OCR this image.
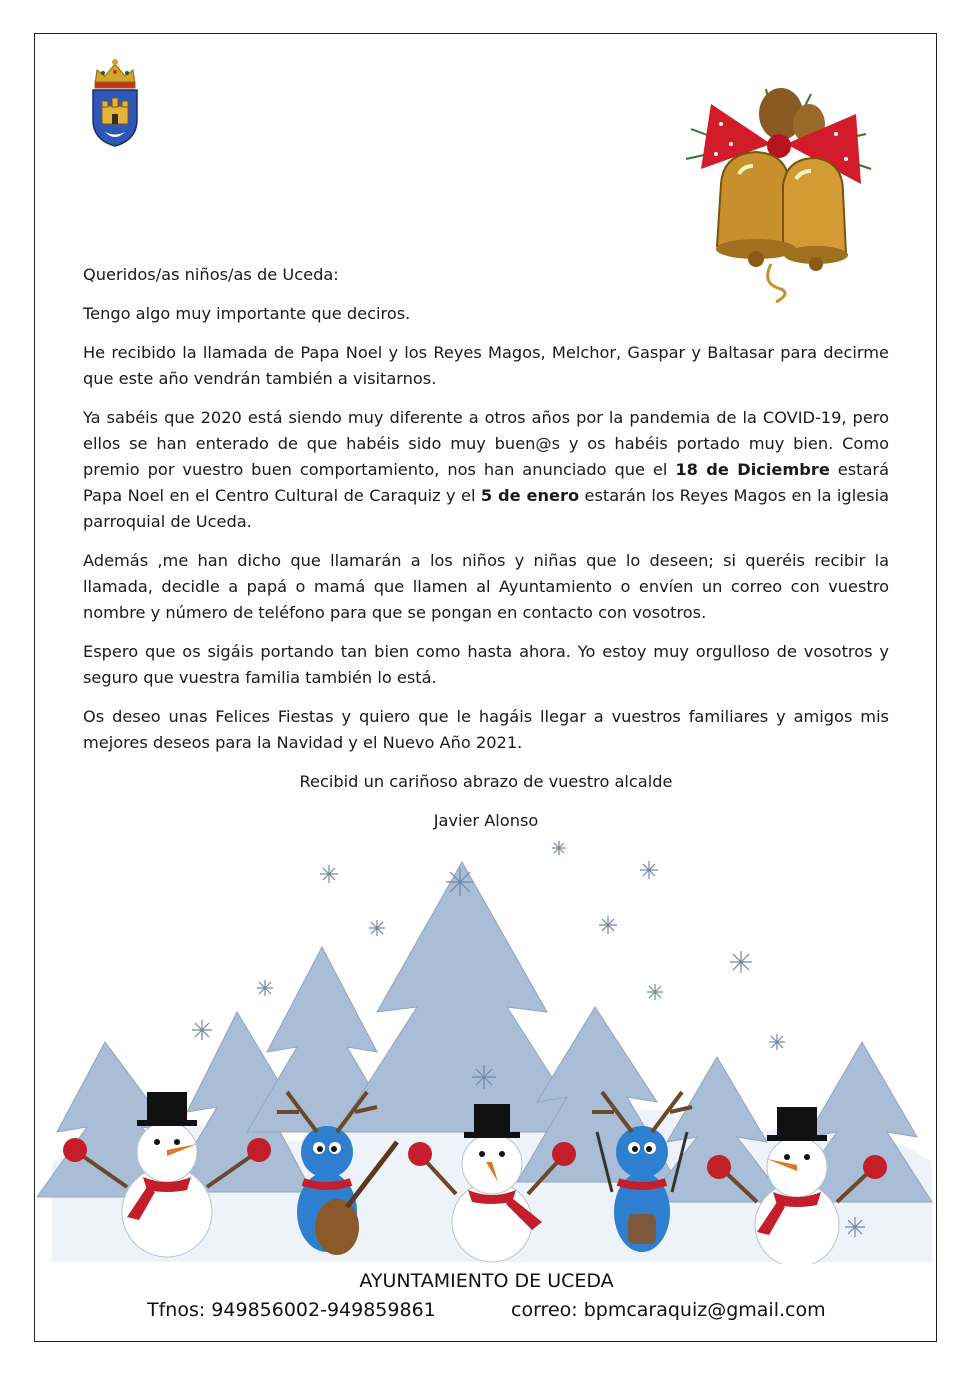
Queridos/as niños/as de Uceda:

Tengo algo muy importante que deciros.

He recibido la llamada de Papa Noel y los Reyes Magos, Melchor, Gaspar y Baltasar para decirme que este año vendrán también a visitarnos.

Ya sabéis que 2020 está siendo muy diferente a otros años por la pandemia de la COVID-19, pero ellos se han enterado de que habéis sido muy buen@s y os habéis portado muy bien. Como premio por vuestro buen comportamiento, nos han anunciado que el 18 de Diciembre estará Papa Noel en el Centro Cultural de Caraquiz y el 5 de enero estarán los Reyes Magos en la iglesia parroquial de Uceda.

Además ,me han dicho que llamarán a los niños y niñas que lo deseen; si queréis recibir la llamada, decidle a papá o mamá que llamen al Ayuntamiento o envíen un correo con vuestro nombre y número de teléfono para que se pongan en contacto con vosotros.

Espero que os sigáis portando tan bien como hasta ahora. Yo estoy muy orgulloso de vosotros y seguro que vuestra familia también lo está.

Os deseo unas Felices Fiestas y quiero que le hagáis llegar a vuestros familiares y amigos mis mejores deseos para la Navidad y el Nuevo Año 2021.

Recibid un cariñoso abrazo de vuestro alcalde
Javier Alonso
AYUNTAMIENTO DE UCEDA
Tfnos: 949856002-949859861	correo: bpmcaraquiz@gmail.com
